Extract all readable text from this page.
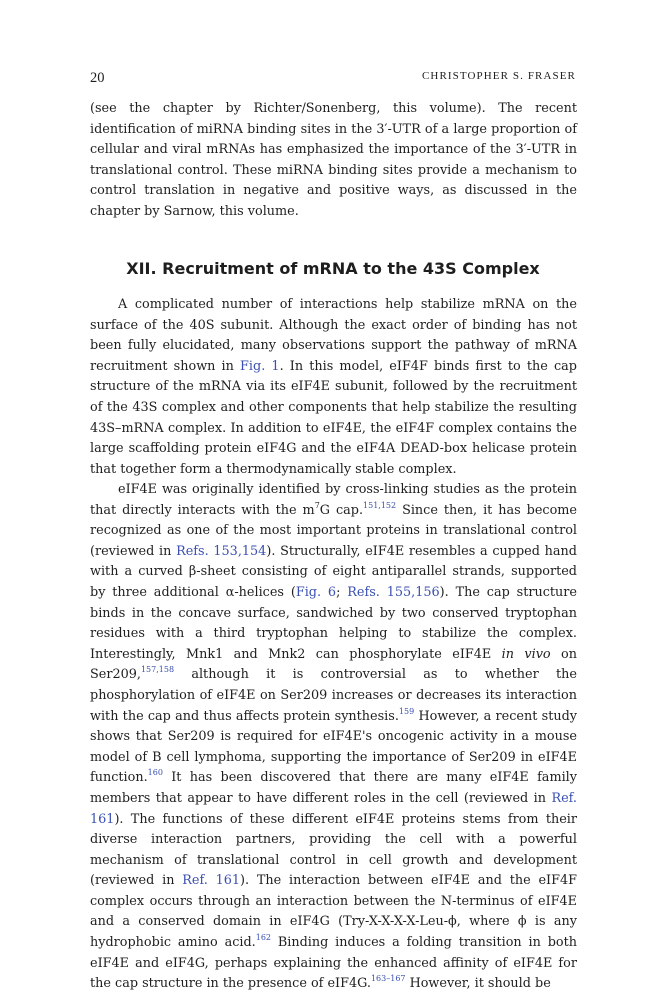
20	CHRISTOPHER S. FRASER

(see the chapter by Richter/Sonenberg, this volume). The recent identification of miRNA binding sites in the 3′-UTR of a large proportion of cellular and viral mRNAs has emphasized the importance of the 3′-UTR in translational control. These miRNA binding sites provide a mechanism to control translation in negative and positive ways, as discussed in the chapter by Sarnow, this volume.

XII. Recruitment of mRNA to the 43S Complex

A complicated number of interactions help stabilize mRNA on the surface of the 40S subunit. Although the exact order of binding has not been fully elucidated, many observations support the pathway of mRNA recruitment shown in Fig. 1. In this model, eIF4F binds first to the cap structure of the mRNA via its eIF4E subunit, followed by the recruitment of the 43S complex and other components that help stabilize the resulting 43S–mRNA complex. In addition to eIF4E, the eIF4F complex contains the large scaffolding protein eIF4G and the eIF4A DEAD-box helicase protein that together form a thermodynamically stable complex.

eIF4E was originally identified by cross-linking studies as the protein that directly interacts with the $m^7G$ cap.$^{151,152}$ Since then, it has become recognized as one of the most important proteins in translational control (reviewed in Refs. 153,154). Structurally, eIF4E resembles a cupped hand with a curved β-sheet consisting of eight antiparallel strands, supported by three additional α-helices (Fig. 6; Refs. 155,156). The cap structure binds in the concave surface, sandwiched by two conserved tryptophan residues with a third tryptophan helping to stabilize the complex. Interestingly, Mnk1 and Mnk2 can phosphorylate eIF4E in vivo on Ser209,$^{157,158}$ although it is controversial as to whether the phosphorylation of eIF4E on Ser209 increases or decreases its interaction with the cap and thus affects protein synthesis.$^{159}$ However, a recent study shows that Ser209 is required for eIF4E's oncogenic activity in a mouse model of B cell lymphoma, supporting the importance of Ser209 in eIF4E function.$^{160}$ It has been discovered that there are many eIF4E family members that appear to have different roles in the cell (reviewed in Ref. 161). The functions of these different eIF4E proteins stems from their diverse interaction partners, providing the cell with a powerful mechanism of translational control in cell growth and development (reviewed in Ref. 161). The interaction between eIF4E and the eIF4F complex occurs through an interaction between the N-terminus of eIF4E and a conserved domain in eIF4G (Try-X-X-X-X-Leu-ϕ, where ϕ is any hydrophobic amino acid.$^{162}$ Binding induces a folding transition in both eIF4E and eIF4G, perhaps explaining the enhanced affinity of eIF4E for the cap structure in the presence of eIF4G.$^{163-167}$ However, it should be
